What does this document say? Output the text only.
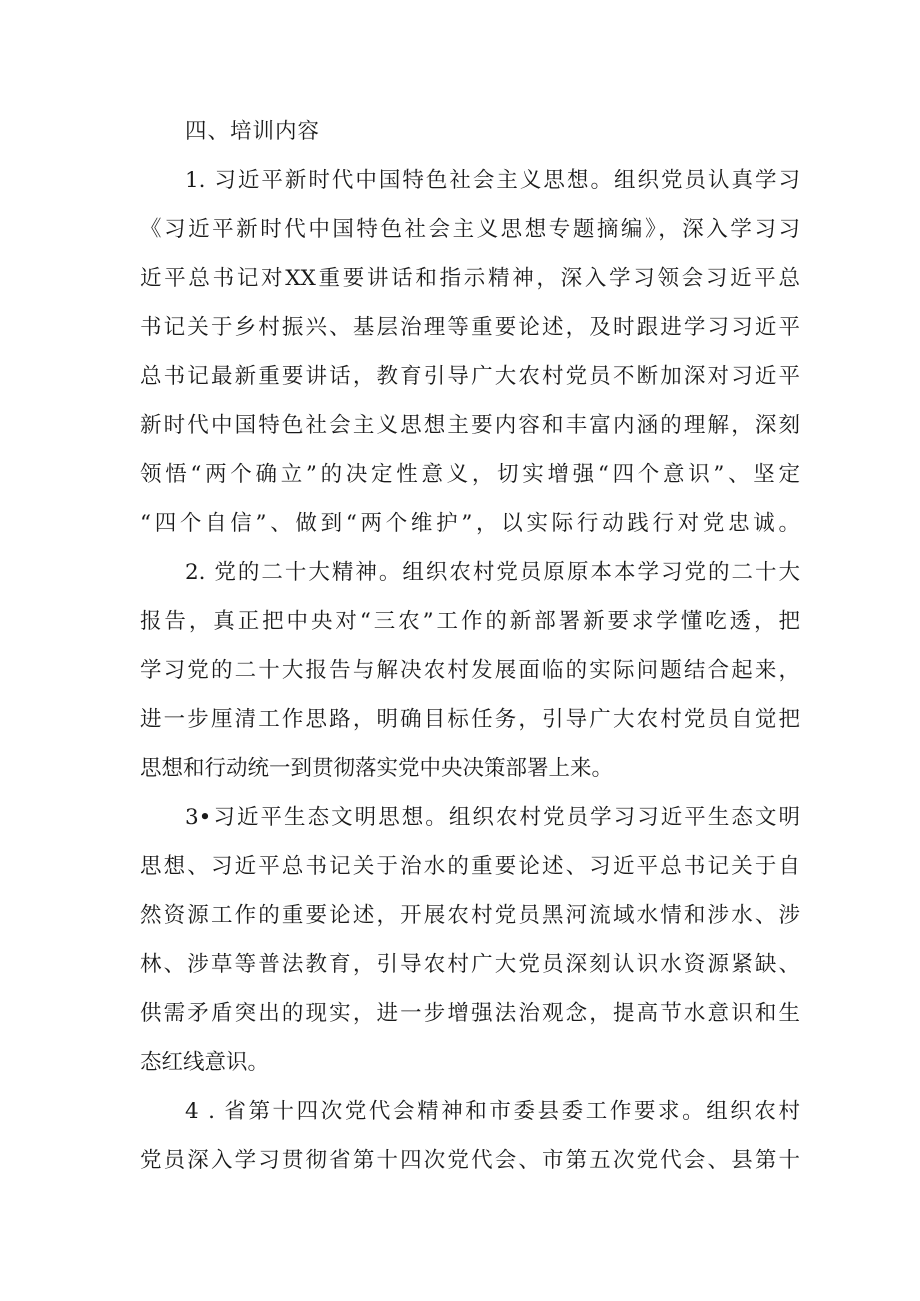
四、培训内容
1. 习近平新时代中国特色社会主义思想。组织党员认真学习
《习近平新时代中国特色社会主义思想专题摘编》，深入学习习
近平总书记对XX重要讲话和指示精神，深入学习领会习近平总
书记关于乡村振兴、基层治理等重要论述，及时跟进学习习近平
总书记最新重要讲话，教育引导广大农村党员不断加深对习近平
新时代中国特色社会主义思想主要内容和丰富内涵的理解，深刻
领悟“两个确立”的决定性意义，切实增强“四个意识”、坚定
“四个自信”、做到“两个维护”，以实际行动践行对党忠诚。
2. 党的二十大精神。组织农村党员原原本本学习党的二十大
报告，真正把中央对“三农”工作的新部署新要求学懂吃透，把
学习党的二十大报告与解决农村发展面临的实际问题结合起来，
进一步厘清工作思路，明确目标任务，引导广大农村党员自觉把
思想和行动统一到贯彻落实党中央决策部署上来。
3•习近平生态文明思想。组织农村党员学习习近平生态文明
思想、习近平总书记关于治水的重要论述、习近平总书记关于自
然资源工作的重要论述，开展农村党员黑河流域水情和涉水、涉
林、涉草等普法教育，引导农村广大党员深刻认识水资源紧缺、
供需矛盾突出的现实，进一步增强法治观念，提高节水意识和生
态红线意识。
4 . 省第十四次党代会精神和市委县委工作要求。组织农村
党员深入学习贯彻省第十四次党代会、市第五次党代会、县第十
